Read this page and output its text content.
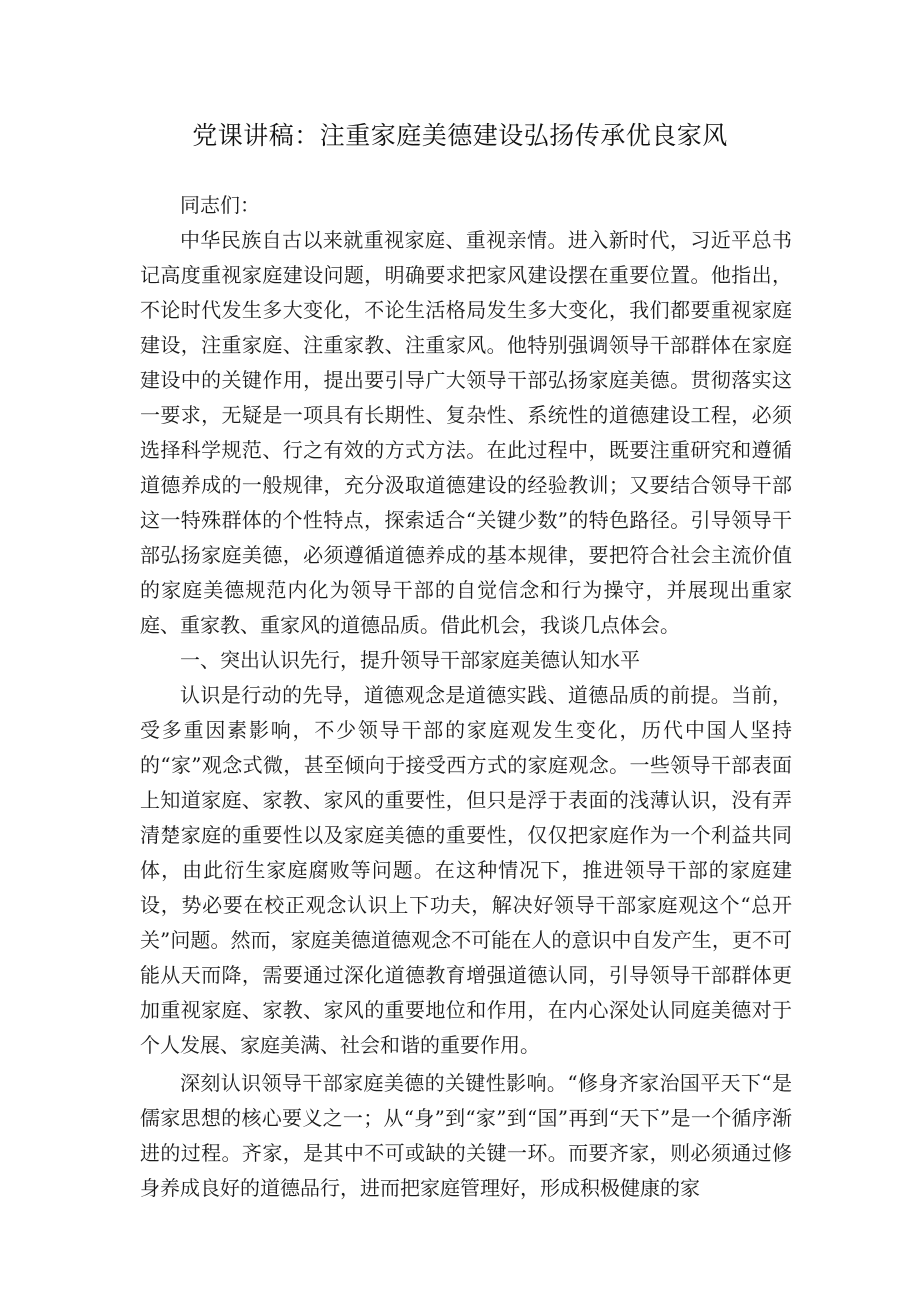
党课讲稿：注重家庭美德建设弘扬传承优良家风

同志们：

中华民族自古以来就重视家庭、重视亲情。进入新时代，习近平总书记高度重视家庭建设问题，明确要求把家风建设摆在重要位置。他指出，不论时代发生多大变化，不论生活格局发生多大变化，我们都要重视家庭建设，注重家庭、注重家教、注重家风。他特别强调领导干部群体在家庭建设中的关键作用，提出要引导广大领导干部弘扬家庭美德。贯彻落实这一要求，无疑是一项具有长期性、复杂性、系统性的道德建设工程，必须选择科学规范、行之有效的方式方法。在此过程中，既要注重研究和遵循道德养成的一般规律，充分汲取道德建设的经验教训；又要结合领导干部这一特殊群体的个性特点，探索适合“关键少数”的特色路径。引导领导干部弘扬家庭美德，必须遵循道德养成的基本规律，要把符合社会主流价值的家庭美德规范内化为领导干部的自觉信念和行为操守，并展现出重家庭、重家教、重家风的道德品质。借此机会，我谈几点体会。

一、突出认识先行，提升领导干部家庭美德认知水平

认识是行动的先导，道德观念是道德实践、道德品质的前提。当前，受多重因素影响，不少领导干部的家庭观发生变化，历代中国人坚持的“家”观念式微，甚至倾向于接受西方式的家庭观念。一些领导干部表面上知道家庭、家教、家风的重要性，但只是浮于表面的浅薄认识，没有弄清楚家庭的重要性以及家庭美德的重要性，仅仅把家庭作为一个利益共同体，由此衍生家庭腐败等问题。在这种情况下，推进领导干部的家庭建设，势必要在校正观念认识上下功夫，解决好领导干部家庭观这个“总开关”问题。然而，家庭美德道德观念不可能在人的意识中自发产生，更不可能从天而降，需要通过深化道德教育增强道德认同，引导领导干部群体更加重视家庭、家教、家风的重要地位和作用，在内心深处认同庭美德对于个人发展、家庭美满、社会和谐的重要作用。

深刻认识领导干部家庭美德的关键性影响。“修身齐家治国平天下“是儒家思想的核心要义之一；从“身”到“家”到“国”再到“天下”是一个循序渐进的过程。齐家，是其中不可或缺的关键一环。而要齐家，则必须通过修身养成良好的道德品行，进而把家庭管理好，形成积极健康的家
